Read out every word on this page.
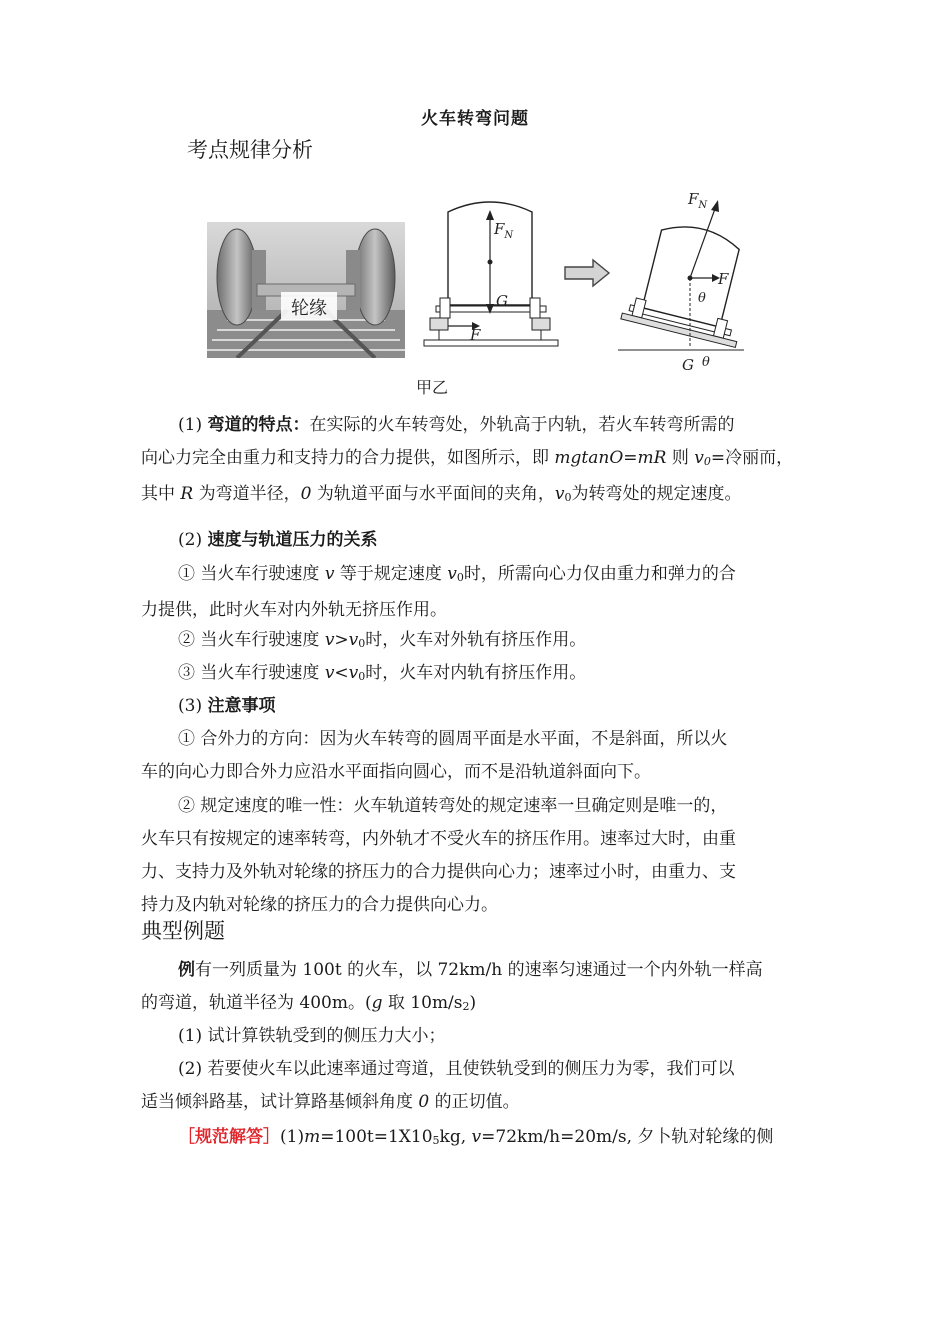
火车转弯问题
考点规律分析
轮缘
$F_N$
G
F
$F_N$
F
θ
G θ
甲乙

(1) 弯道的特点：在实际的火车转弯处，外轨高于内轨，若火车转弯所需的

向心力完全由重力和支持力的合力提供，如图所示，即 mgtanO=mR 则 v0=冷丽而，

其中 R 为弯道半径，0 为轨道平面与水平面间的夹角，v0为转弯处的规定速度。

(2) 速度与轨道压力的关系

① 当火车行驶速度 v 等于规定速度 v0时，所需向心力仅由重力和弹力的合

力提供，此时火车对内外轨无挤压作用。

② 当火车行驶速度 v>v0时，火车对外轨有挤压作用。

③ 当火车行驶速度 v<v0时，火车对内轨有挤压作用。

(3) 注意事项

① 合外力的方向：因为火车转弯的圆周平面是水平面，不是斜面，所以火

车的向心力即合外力应沿水平面指向圆心，而不是沿轨道斜面向下。

② 规定速度的唯一性：火车轨道转弯处的规定速率一旦确定则是唯一的，

火车只有按规定的速率转弯，内外轨才不受火车的挤压作用。速率过大时，由重

力、支持力及外轨对轮缘的挤压力的合力提供向心力；速率过小时，由重力、支

持力及内轨对轮缘的挤压力的合力提供向心力。

典型例题

例有一列质量为 100t 的火车，以 72km/h 的速率匀速通过一个内外轨一样高

的弯道，轨道半径为 400m。(g 取 10m/s2)

(1) 试计算铁轨受到的侧压力大小；

(2) 若要使火车以此速率通过弯道，且使铁轨受到的侧压力为零，我们可以

适当倾斜路基，试计算路基倾斜角度 0 的正切值。

［规范解答］(1)m=100t=1X105kg, v=72km/h=20m/s, 夕卜轨对轮缘的侧
